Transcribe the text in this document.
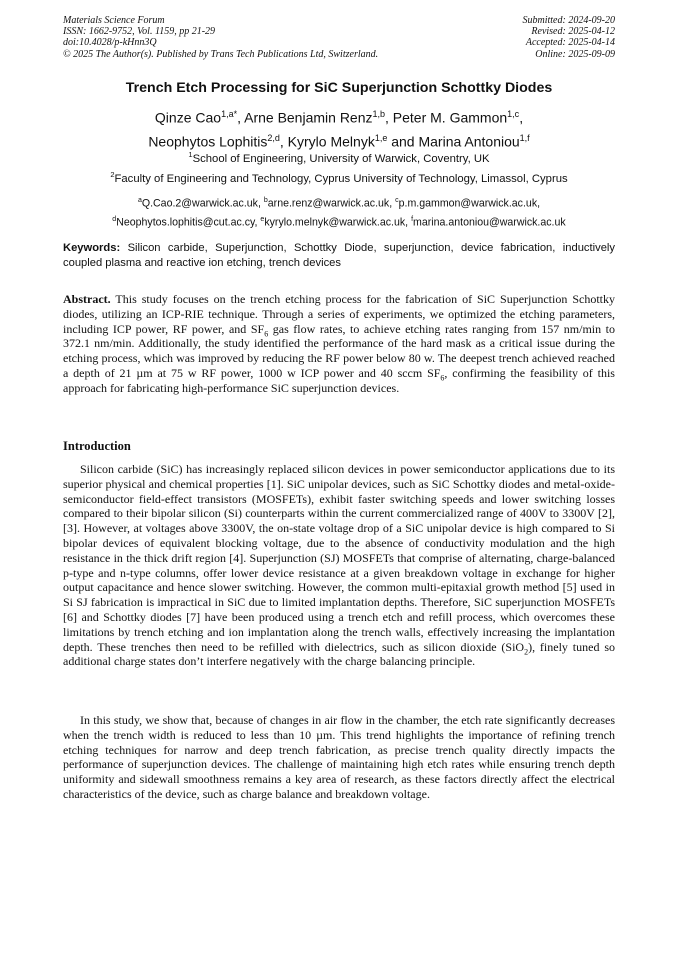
Materials Science Forum
ISSN: 1662-9752, Vol. 1159, pp 21-29
doi:10.4028/p-kHnn3Q
© 2025 The Author(s). Published by Trans Tech Publications Ltd, Switzerland.
Submitted: 2024-09-20
Revised: 2025-04-12
Accepted: 2025-04-14
Online: 2025-09-09
Trench Etch Processing for SiC Superjunction Schottky Diodes
Qinze Cao$^{1,a*}$, Arne Benjamin Renz$^{1,b}$, Peter M. Gammon$^{1,c}$,
Neophytos Lophitis$^{2,d}$, Kyrylo Melnyk$^{1,e}$ and Marina Antoniou$^{1,f}$
$^1$School of Engineering, University of Warwick, Coventry, UK
$^2$Faculty of Engineering and Technology, Cyprus University of Technology, Limassol, Cyprus
$^a$Q.Cao.2@warwick.ac.uk, $^b$arne.renz@warwick.ac.uk, $^c$p.m.gammon@warwick.ac.uk,
$^d$Neophytos.lophitis@cut.ac.cy, $^e$kyrylo.melnyk@warwick.ac.uk, $^f$marina.antoniou@warwick.ac.uk
Keywords: Silicon carbide, Superjunction, Schottky Diode, superjunction, device fabrication, inductively coupled plasma and reactive ion etching, trench devices
Abstract. This study focuses on the trench etching process for the fabrication of SiC Superjunction Schottky diodes, utilizing an ICP-RIE technique. Through a series of experiments, we optimized the etching parameters, including ICP power, RF power, and $SF_6$ gas flow rates, to achieve etching rates ranging from 157 nm/min to 372.1 nm/min. Additionally, the study identified the performance of the hard mask as a critical issue during the etching process, which was improved by reducing the RF power below 80 w. The deepest trench achieved reached a depth of 21 µm at 75 w RF power, 1000 w ICP power and 40 sccm $SF_6$, confirming the feasibility of this approach for fabricating high-performance SiC superjunction devices.
Introduction
Silicon carbide (SiC) has increasingly replaced silicon devices in power semiconductor applications due to its superior physical and chemical properties [1]. SiC unipolar devices, such as SiC Schottky diodes and metal-oxide-semiconductor field-effect transistors (MOSFETs), exhibit faster switching speeds and lower switching losses compared to their bipolar silicon (Si) counterparts within the current commercialized range of 400V to 3300V [2], [3]. However, at voltages above 3300V, the on-state voltage drop of a SiC unipolar device is high compared to Si bipolar devices of equivalent blocking voltage, due to the absence of conductivity modulation and the high resistance in the thick drift region [4]. Superjunction (SJ) MOSFETs that comprise of alternating, charge-balanced p-type and n-type columns, offer lower device resistance at a given breakdown voltage in exchange for higher output capacitance and hence slower switching. However, the common multi-epitaxial growth method [5] used in Si SJ fabrication is impractical in SiC due to limited implantation depths. Therefore, SiC superjunction MOSFETs [6] and Schottky diodes [7] have been produced using a trench etch and refill process, which overcomes these limitations by trench etching and ion implantation along the trench walls, effectively increasing the implantation depth. These trenches then need to be refilled with dielectrics, such as silicon dioxide (SiO$_2$), finely tuned so additional charge states don’t interfere negatively with the charge balancing principle.
In this study, we show that, because of changes in air flow in the chamber, the etch rate significantly decreases when the trench width is reduced to less than 10 µm. This trend highlights the importance of refining trench etching techniques for narrow and deep trench fabrication, as precise trench quality directly impacts the performance of superjunction devices. The challenge of maintaining high etch rates while ensuring trench depth uniformity and sidewall smoothness remains a key area of research, as these factors directly affect the electrical characteristics of the device, such as charge balance and breakdown voltage.
